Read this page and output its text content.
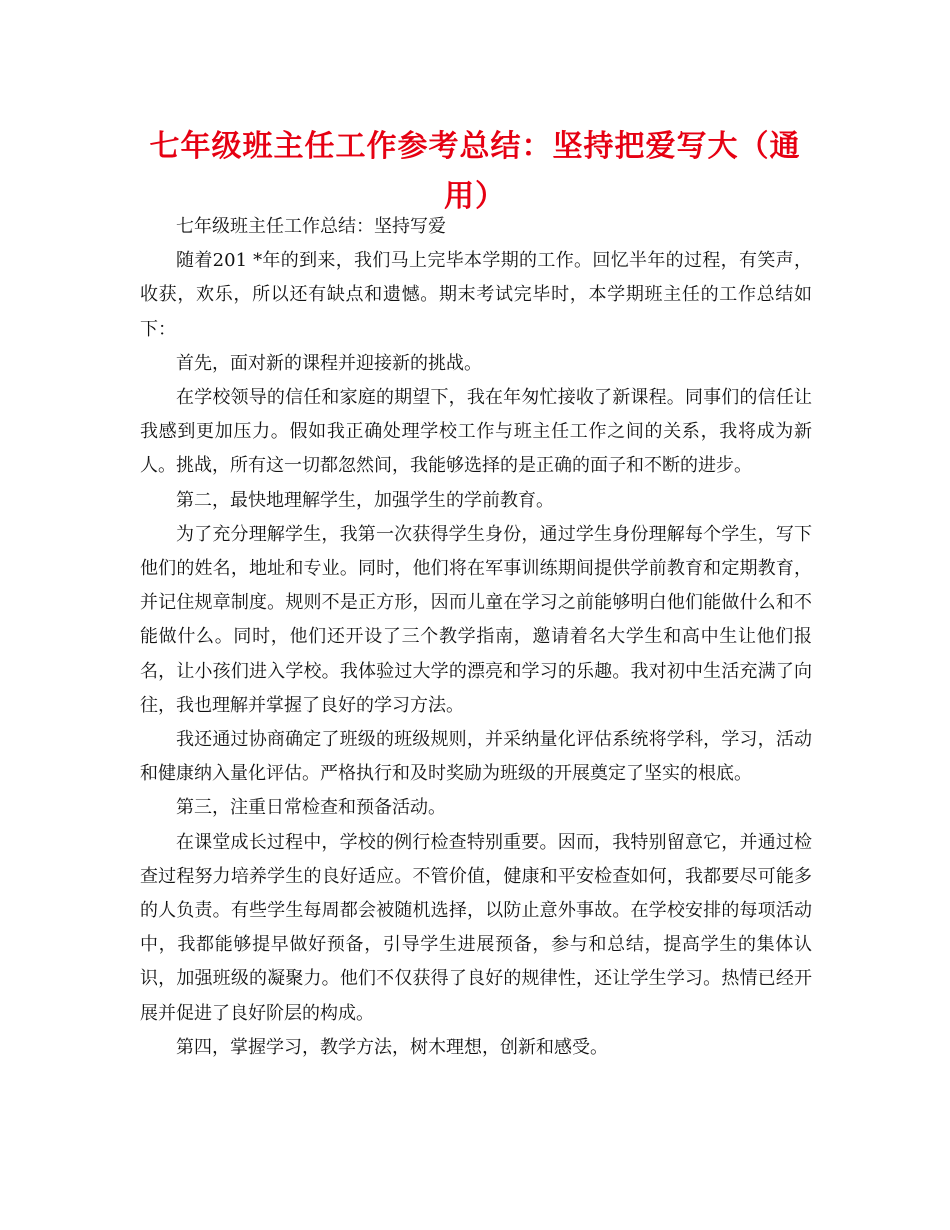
七年级班主任工作参考总结：坚持把爱写大（通用）

七年级班主任工作总结：坚持写爱

随着201 *年的到来，我们马上完毕本学期的工作。回忆半年的过程，有笑声，收获，欢乐，所以还有缺点和遗憾。期末考试完毕时，本学期班主任的工作总结如下：

首先，面对新的课程并迎接新的挑战。

在学校领导的信任和家庭的期望下，我在年匆忙接收了新课程。同事们的信任让我感到更加压力。假如我正确处理学校工作与班主任工作之间的关系，我将成为新人。挑战，所有这一切都忽然间，我能够选择的是正确的面子和不断的进步。

第二，最快地理解学生，加强学生的学前教育。

为了充分理解学生，我第一次获得学生身份，通过学生身份理解每个学生，写下他们的姓名，地址和专业。同时，他们将在军事训练期间提供学前教育和定期教育，并记住规章制度。规则不是正方形，因而儿童在学习之前能够明白他们能做什么和不能做什么。同时，他们还开设了三个教学指南，邀请着名大学生和高中生让他们报名，让小孩们进入学校。我体验过大学的漂亮和学习的乐趣。我对初中生活充满了向往，我也理解并掌握了良好的学习方法。

我还通过协商确定了班级的班级规则，并采纳量化评估系统将学科，学习，活动和健康纳入量化评估。严格执行和及时奖励为班级的开展奠定了坚实的根底。

第三，注重日常检查和预备活动。

在课堂成长过程中，学校的例行检查特别重要。因而，我特别留意它，并通过检查过程努力培养学生的良好适应。不管价值，健康和平安检查如何，我都要尽可能多的人负责。有些学生每周都会被随机选择，以防止意外事故。在学校安排的每项活动中，我都能够提早做好预备，引导学生进展预备，参与和总结，提高学生的集体认识，加强班级的凝聚力。他们不仅获得了良好的规律性，还让学生学习。热情已经开展并促进了良好阶层的构成。

第四，掌握学习，教学方法，树木理想，创新和感受。
